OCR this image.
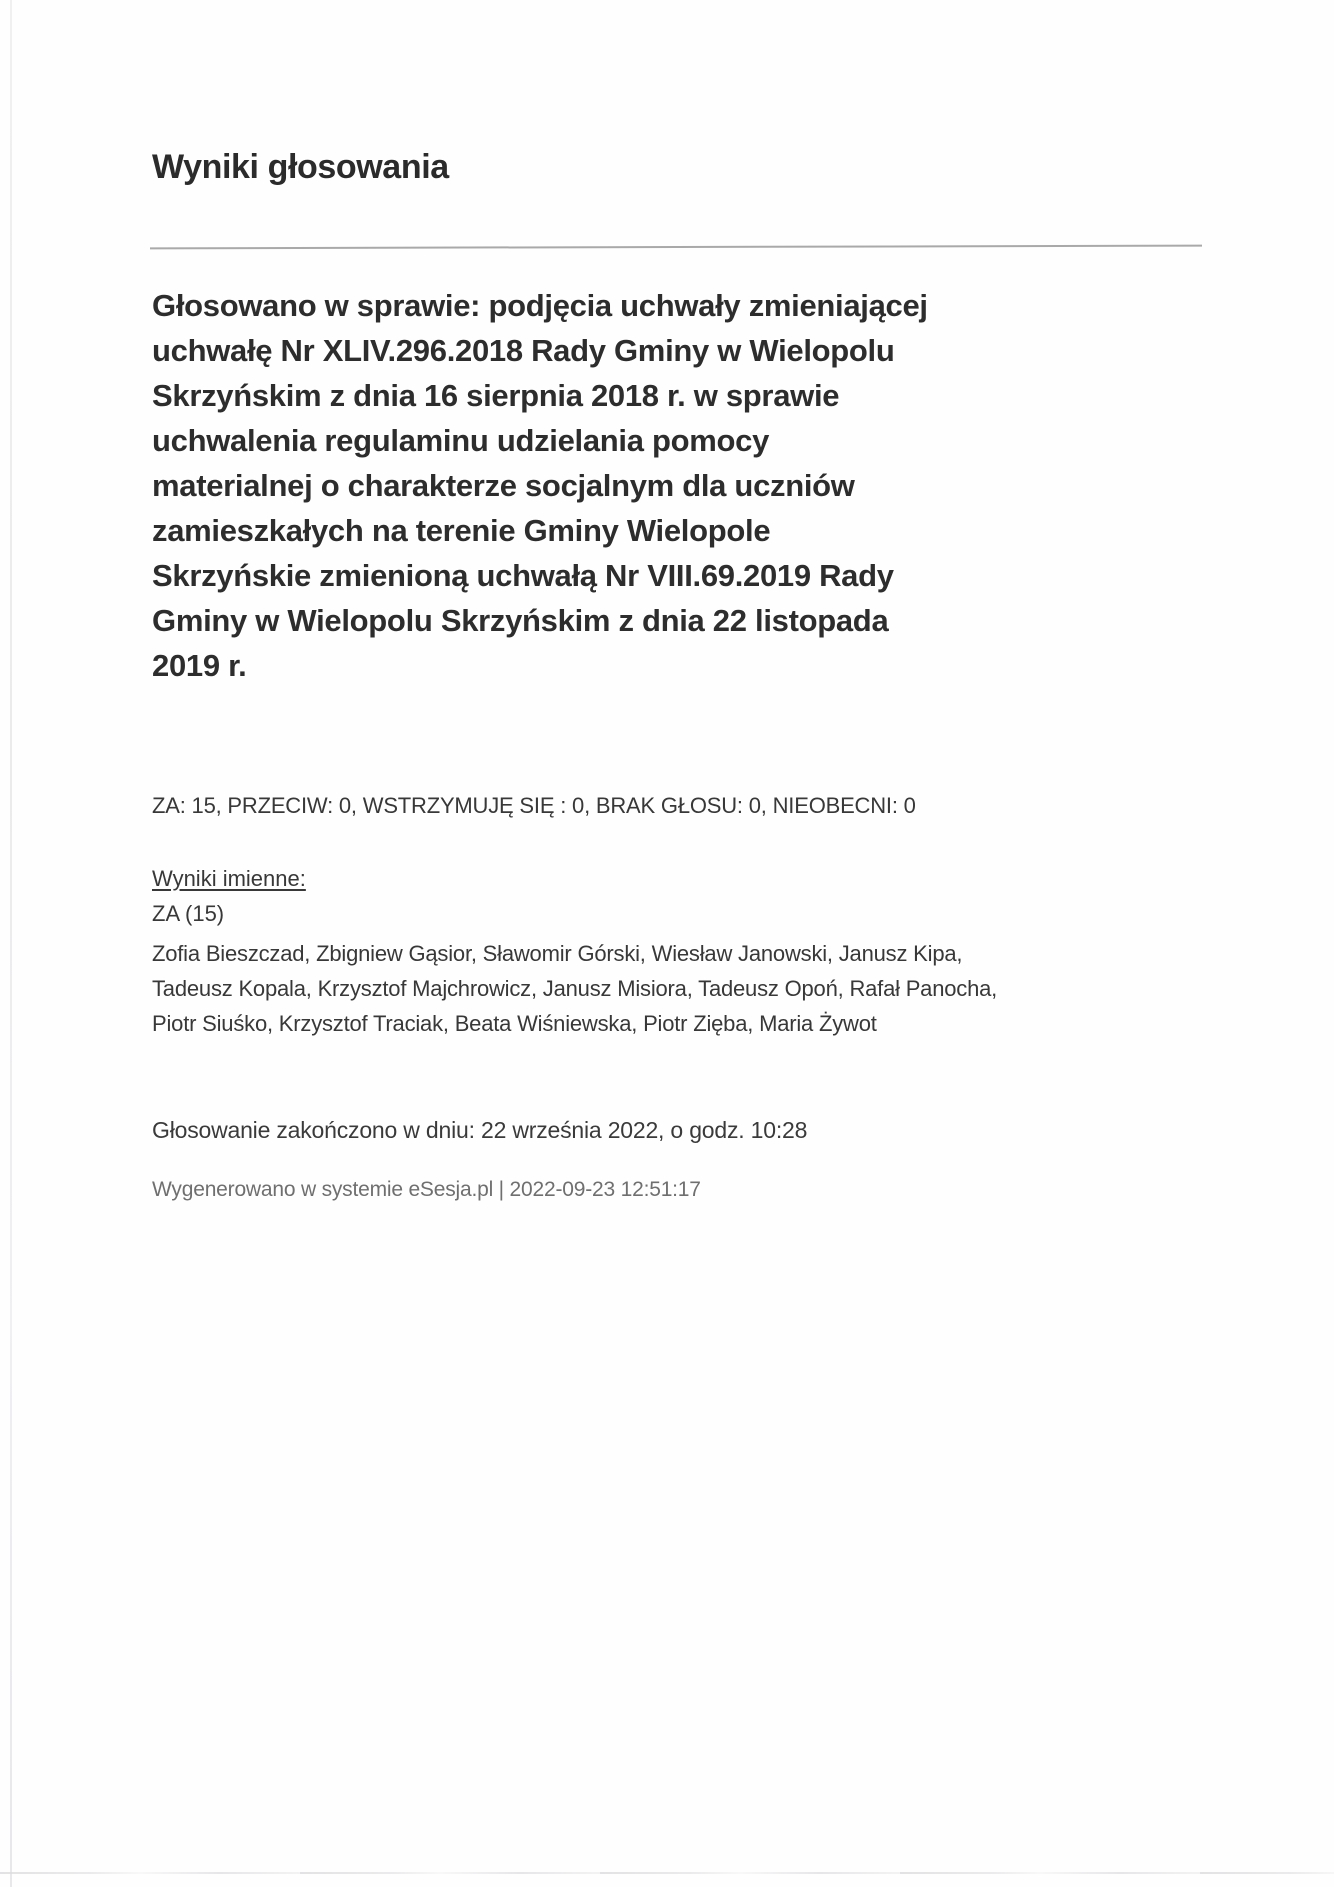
Wyniki głosowania
Głosowano w sprawie: podjęcia uchwały zmieniającej
uchwałę Nr XLIV.296.2018 Rady Gminy w Wielopolu
Skrzyńskim z dnia 16 sierpnia 2018 r. w sprawie
uchwalenia regulaminu udzielania pomocy
materialnej o charakterze socjalnym dla uczniów
zamieszkałych na terenie Gminy Wielopole
Skrzyńskie zmienioną uchwałą Nr VIII.69.2019 Rady
Gminy w Wielopolu Skrzyńskim z dnia 22 listopada
2019 r.
ZA: 15, PRZECIW: 0, WSTRZYMUJĘ SIĘ : 0, BRAK GŁOSU: 0, NIEOBECNI: 0
Wyniki imienne:
ZA (15)
Zofia Bieszczad, Zbigniew Gąsior, Sławomir Górski, Wiesław Janowski, Janusz Kipa,
Tadeusz Kopala, Krzysztof Majchrowicz, Janusz Misiora, Tadeusz Opoń, Rafał Panocha,
Piotr Siuśko, Krzysztof Traciak, Beata Wiśniewska, Piotr Zięba, Maria Żywot
Głosowanie zakończono w dniu: 22 września 2022, o godz. 10:28
Wygenerowano w systemie eSesja.pl | 2022-09-23 12:51:17
